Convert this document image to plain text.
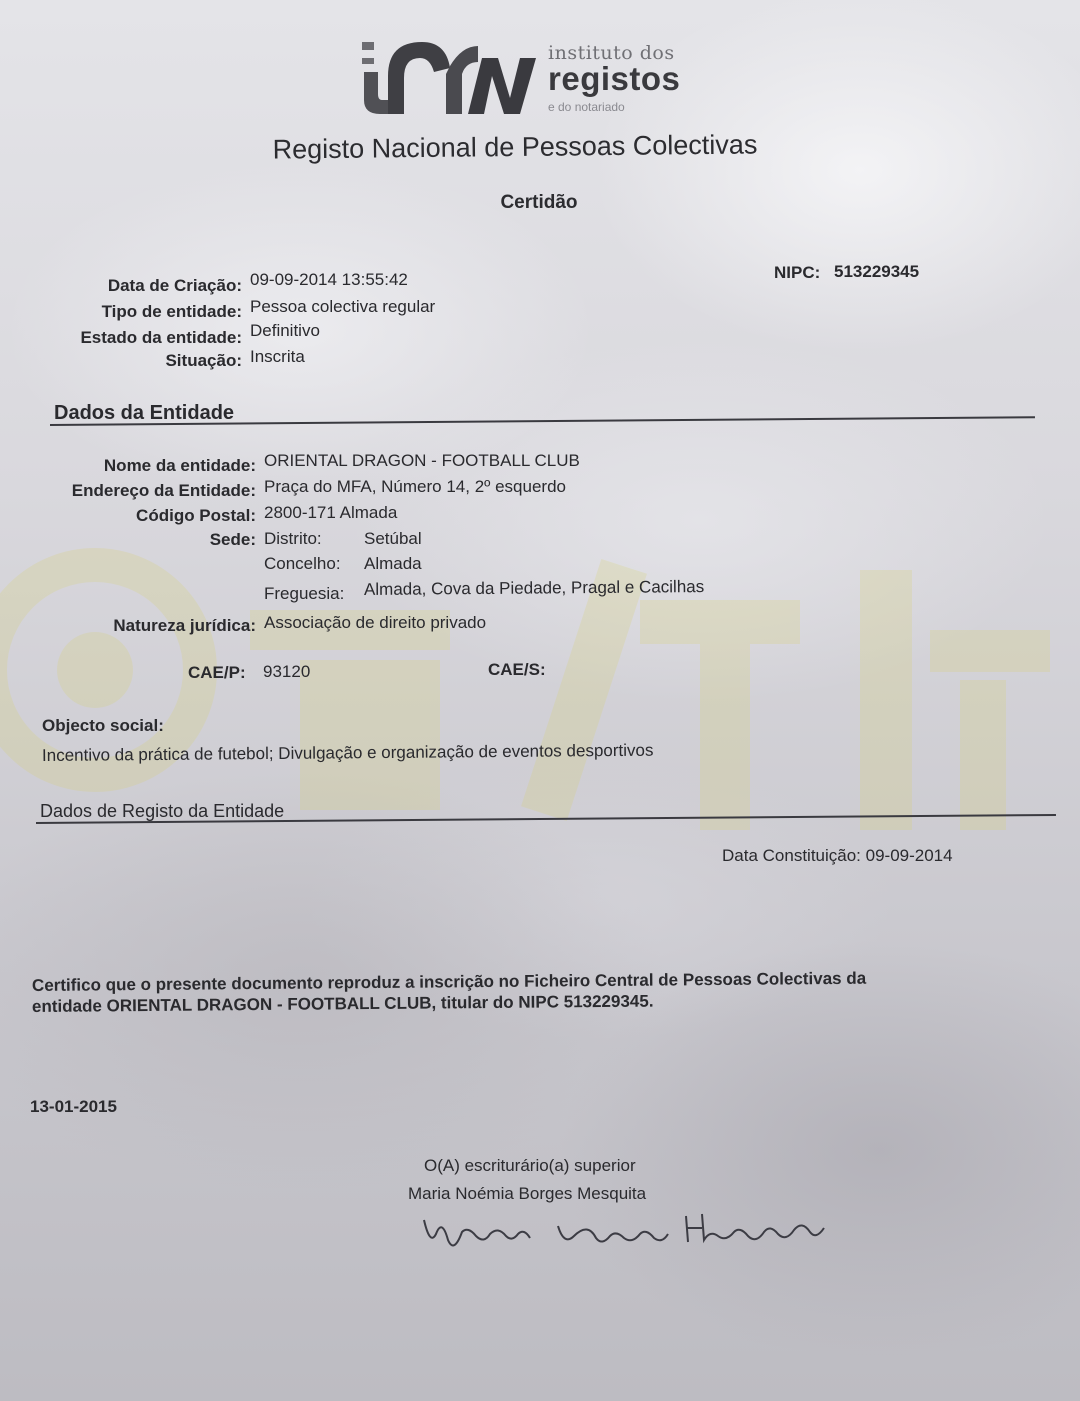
instituto dos
registos
e do notariado
Registo Nacional de Pessoas Colectivas
Certidão
Data de Criação: 09-09-2014 13:55:42
Tipo de entidade: Pessoa colectiva regular
Estado da entidade: Definitivo
Situação: Inscrita
NIPC: 513229345
Dados da Entidade
Nome da entidade: ORIENTAL DRAGON - FOOTBALL CLUB
Endereço da Entidade: Praça do MFA, Número 14, 2º esquerdo
Código Postal: 2800-171 Almada
Sede: Distrito: Setúbal
Concelho: Almada
Freguesia: Almada, Cova da Piedade, Pragal e Cacilhas
Natureza jurídica: Associação de direito privado
CAE/P: 93120	CAE/S:
Objecto social:
Incentivo da prática de futebol; Divulgação e organização de eventos desportivos
Dados de Registo da Entidade
Data Constituição: 09-09-2014
Certifico que o presente documento reproduz a inscrição no Ficheiro Central de Pessoas Colectivas da
entidade ORIENTAL DRAGON - FOOTBALL CLUB, titular do NIPC 513229345.
13-01-2015
O(A) escriturário(a) superior
Maria Noémia Borges Mesquita
